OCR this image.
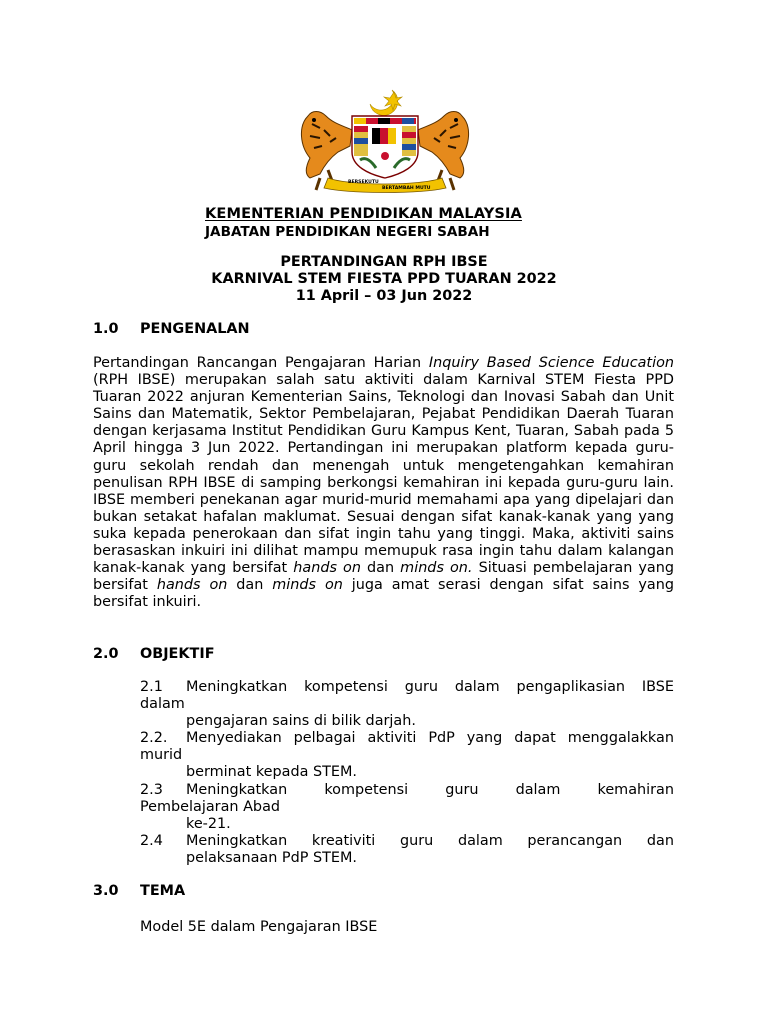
BERSEKUTU
BERTAMBAH MUTU
KEMENTERIAN PENDIDIKAN MALAYSIA
JABATAN PENDIDIKAN NEGERI SABAH
PERTANDINGAN RPH IBSE
KARNIVAL STEM FIESTA PPD TUARAN 2022
11 April – 03 Jun 2022
1.0 PENGENALAN

Pertandingan Rancangan Pengajaran Harian Inquiry Based Science Education (RPH IBSE) merupakan salah satu aktiviti dalam Karnival STEM Fiesta PPD Tuaran 2022 anjuran Kementerian Sains, Teknologi dan Inovasi Sabah dan Unit Sains dan Matematik, Sektor Pembelajaran, Pejabat Pendidikan Daerah Tuaran dengan kerjasama Institut Pendidikan Guru Kampus Kent, Tuaran, Sabah pada 5 April hingga 3 Jun 2022. Pertandingan ini merupakan platform kepada guru-guru sekolah rendah dan menengah untuk mengetengahkan kemahiran penulisan RPH IBSE di samping berkongsi kemahiran ini kepada guru-guru lain. IBSE memberi penekanan agar murid-murid memahami apa yang dipelajari dan bukan setakat hafalan maklumat. Sesuai dengan sifat kanak-kanak yang yang suka kepada penerokaan dan sifat ingin tahu yang tinggi. Maka, aktiviti sains berasaskan inkuiri ini dilihat mampu memupuk rasa ingin tahu dalam kalangan kanak-kanak yang bersifat hands on dan minds on. Situasi pembelajaran yang bersifat hands on dan minds on juga amat serasi dengan sifat sains yang bersifat inkuiri.

2.0 OBJEKTIF
2.1 Meningkatkan kompetensi guru dalam pengaplikasian IBSE
dalam
pengajaran sains di bilik darjah.
2.2. Menyediakan pelbagai aktiviti PdP yang dapat menggalakkan
murid
berminat kepada STEM.
2.3 Meningkatkan	kompetensi	guru	dalam	kemahiran
Pembelajaran Abad
ke-21.
2.4 Meningkatkan kreativiti guru dalam perancangan dan
pelaksanaan PdP STEM.
3.0 TEMA
Model 5E dalam Pengajaran IBSE
